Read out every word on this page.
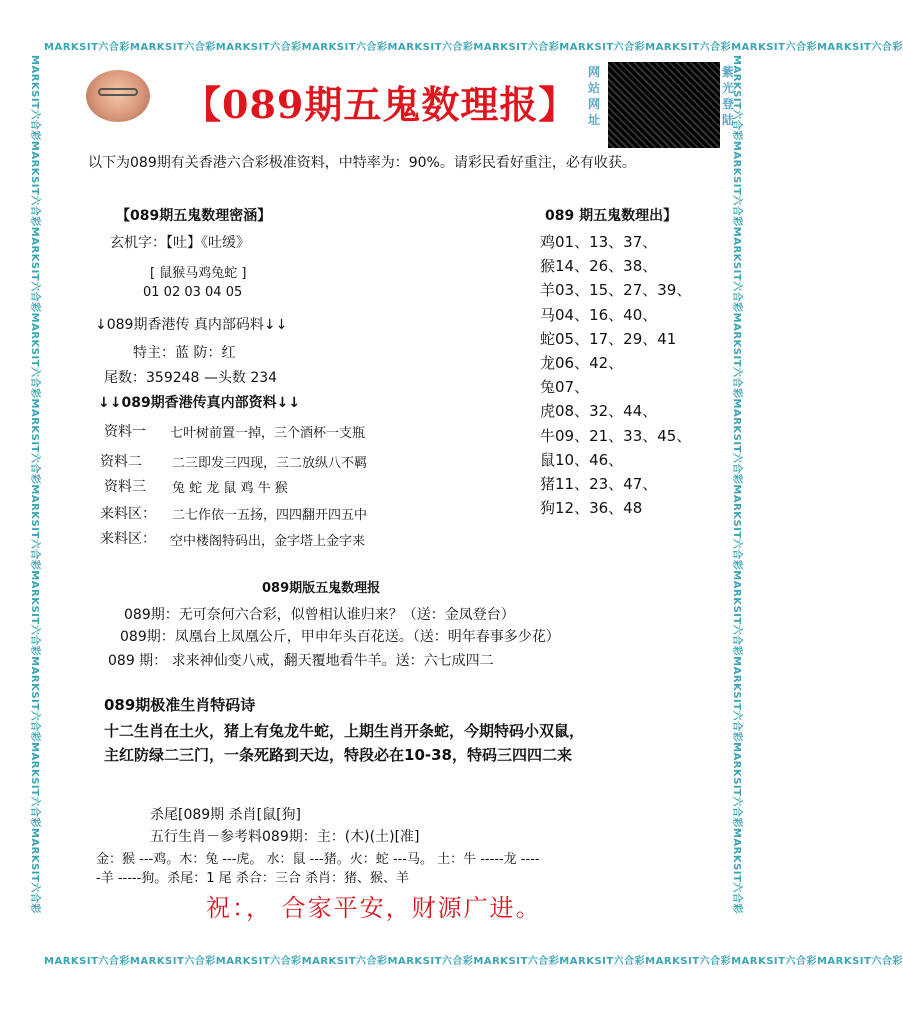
MARKSIT六合彩MARKSIT六合彩MARKSIT六合彩MARKSIT六合彩MARKSIT六合彩MARKSIT六合彩MARKSIT六合彩MARKSIT六合彩MARKSIT六合彩MARKSIT六合彩
MARKSIT六合彩MARKSIT六合彩MARKSIT六合彩MARKSIT六合彩MARKSIT六合彩MARKSIT六合彩MARKSIT六合彩MARKSIT六合彩MARKSIT六合彩MARKSIT六合彩
MARKSIT六合彩MARKSIT六合彩MARKSIT六合彩MARKSIT六合彩MARKSIT六合彩MARKSIT六合彩MARKSIT六合彩MARKSIT六合彩MARKSIT六合彩MARKSIT六合彩	MARKSIT六合彩MARKSIT六合彩MARKSIT六合彩MARKSIT六合彩MARKSIT六合彩MARKSIT六合彩MARKSIT六合彩MARKSIT六合彩MARKSIT六合彩MARKSIT六合彩
【089期五鬼数理报】
网站网址
紫光登陆
以下为089期有关香港六合彩极准资料，中特率为：90%。请彩民看好重注，必有收获。
【089期五鬼数理密涵】
玄机字：【吐】《吐缓》
[ 鼠猴马鸡兔蛇 ]
01 02 03 04 05
↓089期香港传 真内部码料↓↓
特主：蓝 防：红
尾数：359248 —头数 234
↓↓089期香港传真内部资料↓↓
资料一 七叶树前置一掉，三个酒杯一支瓶
资料二 二三即发三四现，三二放纵八不羁
资料三 兔 蛇 龙 鼠 鸡 牛 猴
来料区： 二七作依一五扬，四四翻开四五中
来料区： 空中楼阁特码出，金字塔上金字来
089 期五鬼数理出】
鸡01、13、37、
猴14、26、38、
羊03、15、27、39、
马04、16、40、
蛇05、17、29、41
龙06、42、
兔07、
虎08、32、44、
牛09、21、33、45、
鼠10、46、
猪11、23、47、
狗12、36、48
089期版五鬼数理报
089期：无可奈何六合彩，似曾相认谁归来？（送：金凤登台）
089期：凤凰台上凤凰公斤，甲申年头百花送。（送：明年春事多少花）
089 期： 求来神仙变八戒，翻天覆地看牛羊。送：六七成四二
089期极准生肖特码诗
十二生肖在土火，猪上有兔龙牛蛇，上期生肖开条蛇，今期特码小双鼠，
主红防绿二三门，一条死路到天边，特段必在10-38，特码三四四二来
杀尾[089期 杀肖[鼠[狗]
五行生肖－参考料089期：主：(木)(土)[准]
金：猴 ---鸡。木：兔 ---虎。 水：鼠 ---猪。火：蛇 ---马。 土：牛 -----龙 ----
-羊 -----狗。杀尾：1 尾 杀合：三合 杀肖：猪、猴、羊
祝：， 合家平安，财源广进。
